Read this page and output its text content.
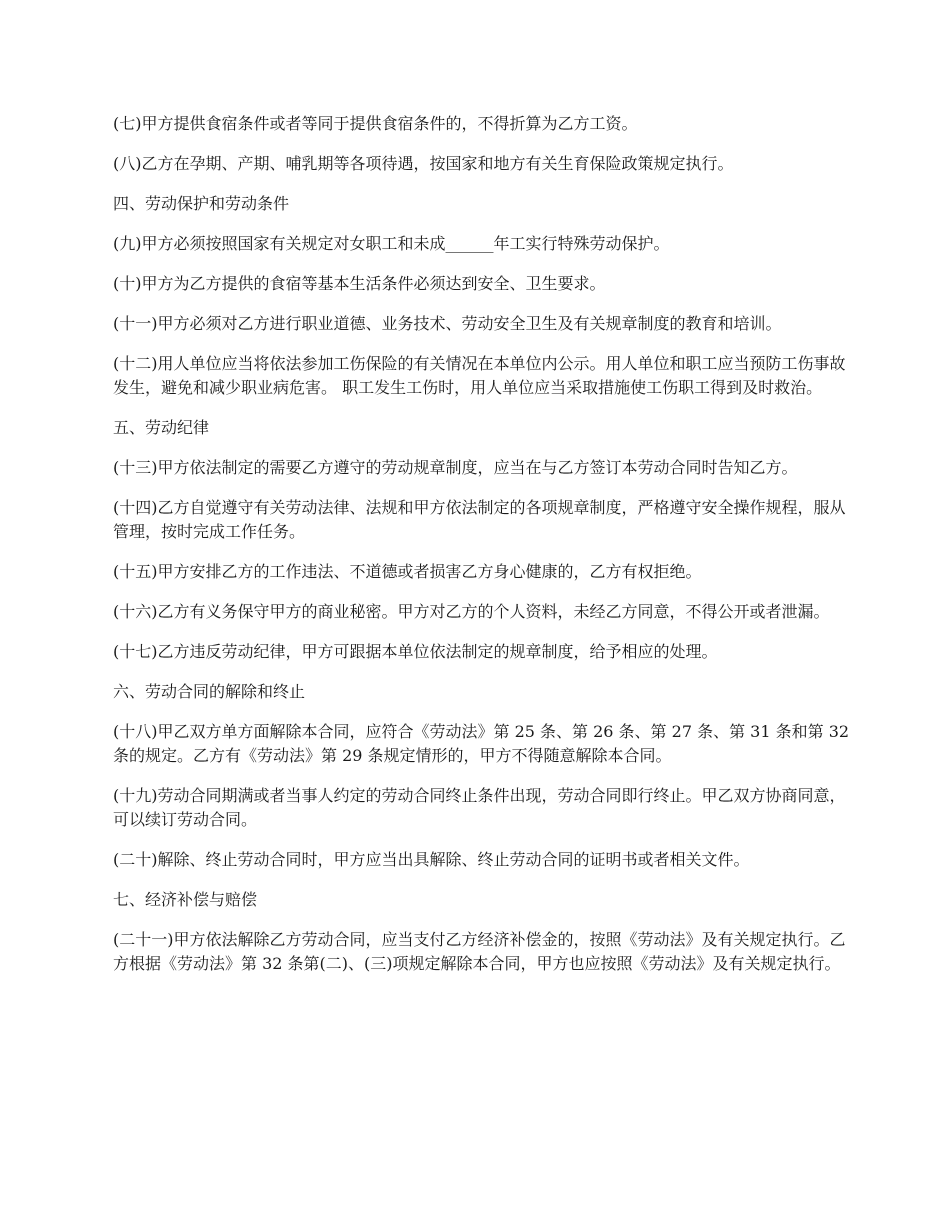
(七)甲方提供食宿条件或者等同于提供食宿条件的，不得折算为乙方工资。

(八)乙方在孕期、产期、哺乳期等各项待遇，按国家和地方有关生育保险政策规定执行。

四、劳动保护和劳动条件

(九)甲方必须按照国家有关规定对女职工和未成______年工实行特殊劳动保护。

(十)甲方为乙方提供的食宿等基本生活条件必须达到安全、卫生要求。

(十一)甲方必须对乙方进行职业道德、业务技术、劳动安全卫生及有关规章制度的教育和培训。

(十二)用人单位应当将依法参加工伤保险的有关情况在本单位内公示。用人单位和职工应当预防工伤事故发生，避免和减少职业病危害。 职工发生工伤时，用人单位应当采取措施使工伤职工得到及时救治。

五、劳动纪律

(十三)甲方依法制定的需要乙方遵守的劳动规章制度，应当在与乙方签订本劳动合同时告知乙方。

(十四)乙方自觉遵守有关劳动法律、法规和甲方依法制定的各项规章制度，严格遵守安全操作规程，服从管理，按时完成工作任务。

(十五)甲方安排乙方的工作违法、不道德或者损害乙方身心健康的，乙方有权拒绝。

(十六)乙方有义务保守甲方的商业秘密。甲方对乙方的个人资料，未经乙方同意，不得公开或者泄漏。

(十七)乙方违反劳动纪律，甲方可跟据本单位依法制定的规章制度，给予相应的处理。

六、劳动合同的解除和终止

(十八)甲乙双方单方面解除本合同，应符合《劳动法》第 25 条、第 26 条、第 27 条、第 31 条和第 32 条的规定。乙方有《劳动法》第 29 条规定情形的，甲方不得随意解除本合同。

(十九)劳动合同期满或者当事人约定的劳动合同终止条件出现，劳动合同即行终止。甲乙双方协商同意，可以续订劳动合同。

(二十)解除、终止劳动合同时，甲方应当出具解除、终止劳动合同的证明书或者相关文件。

七、经济补偿与赔偿

(二十一)甲方依法解除乙方劳动合同，应当支付乙方经济补偿金的，按照《劳动法》及有关规定执行。乙方根据《劳动法》第 32 条第(二)、(三)项规定解除本合同，甲方也应按照《劳动法》及有关规定执行。
